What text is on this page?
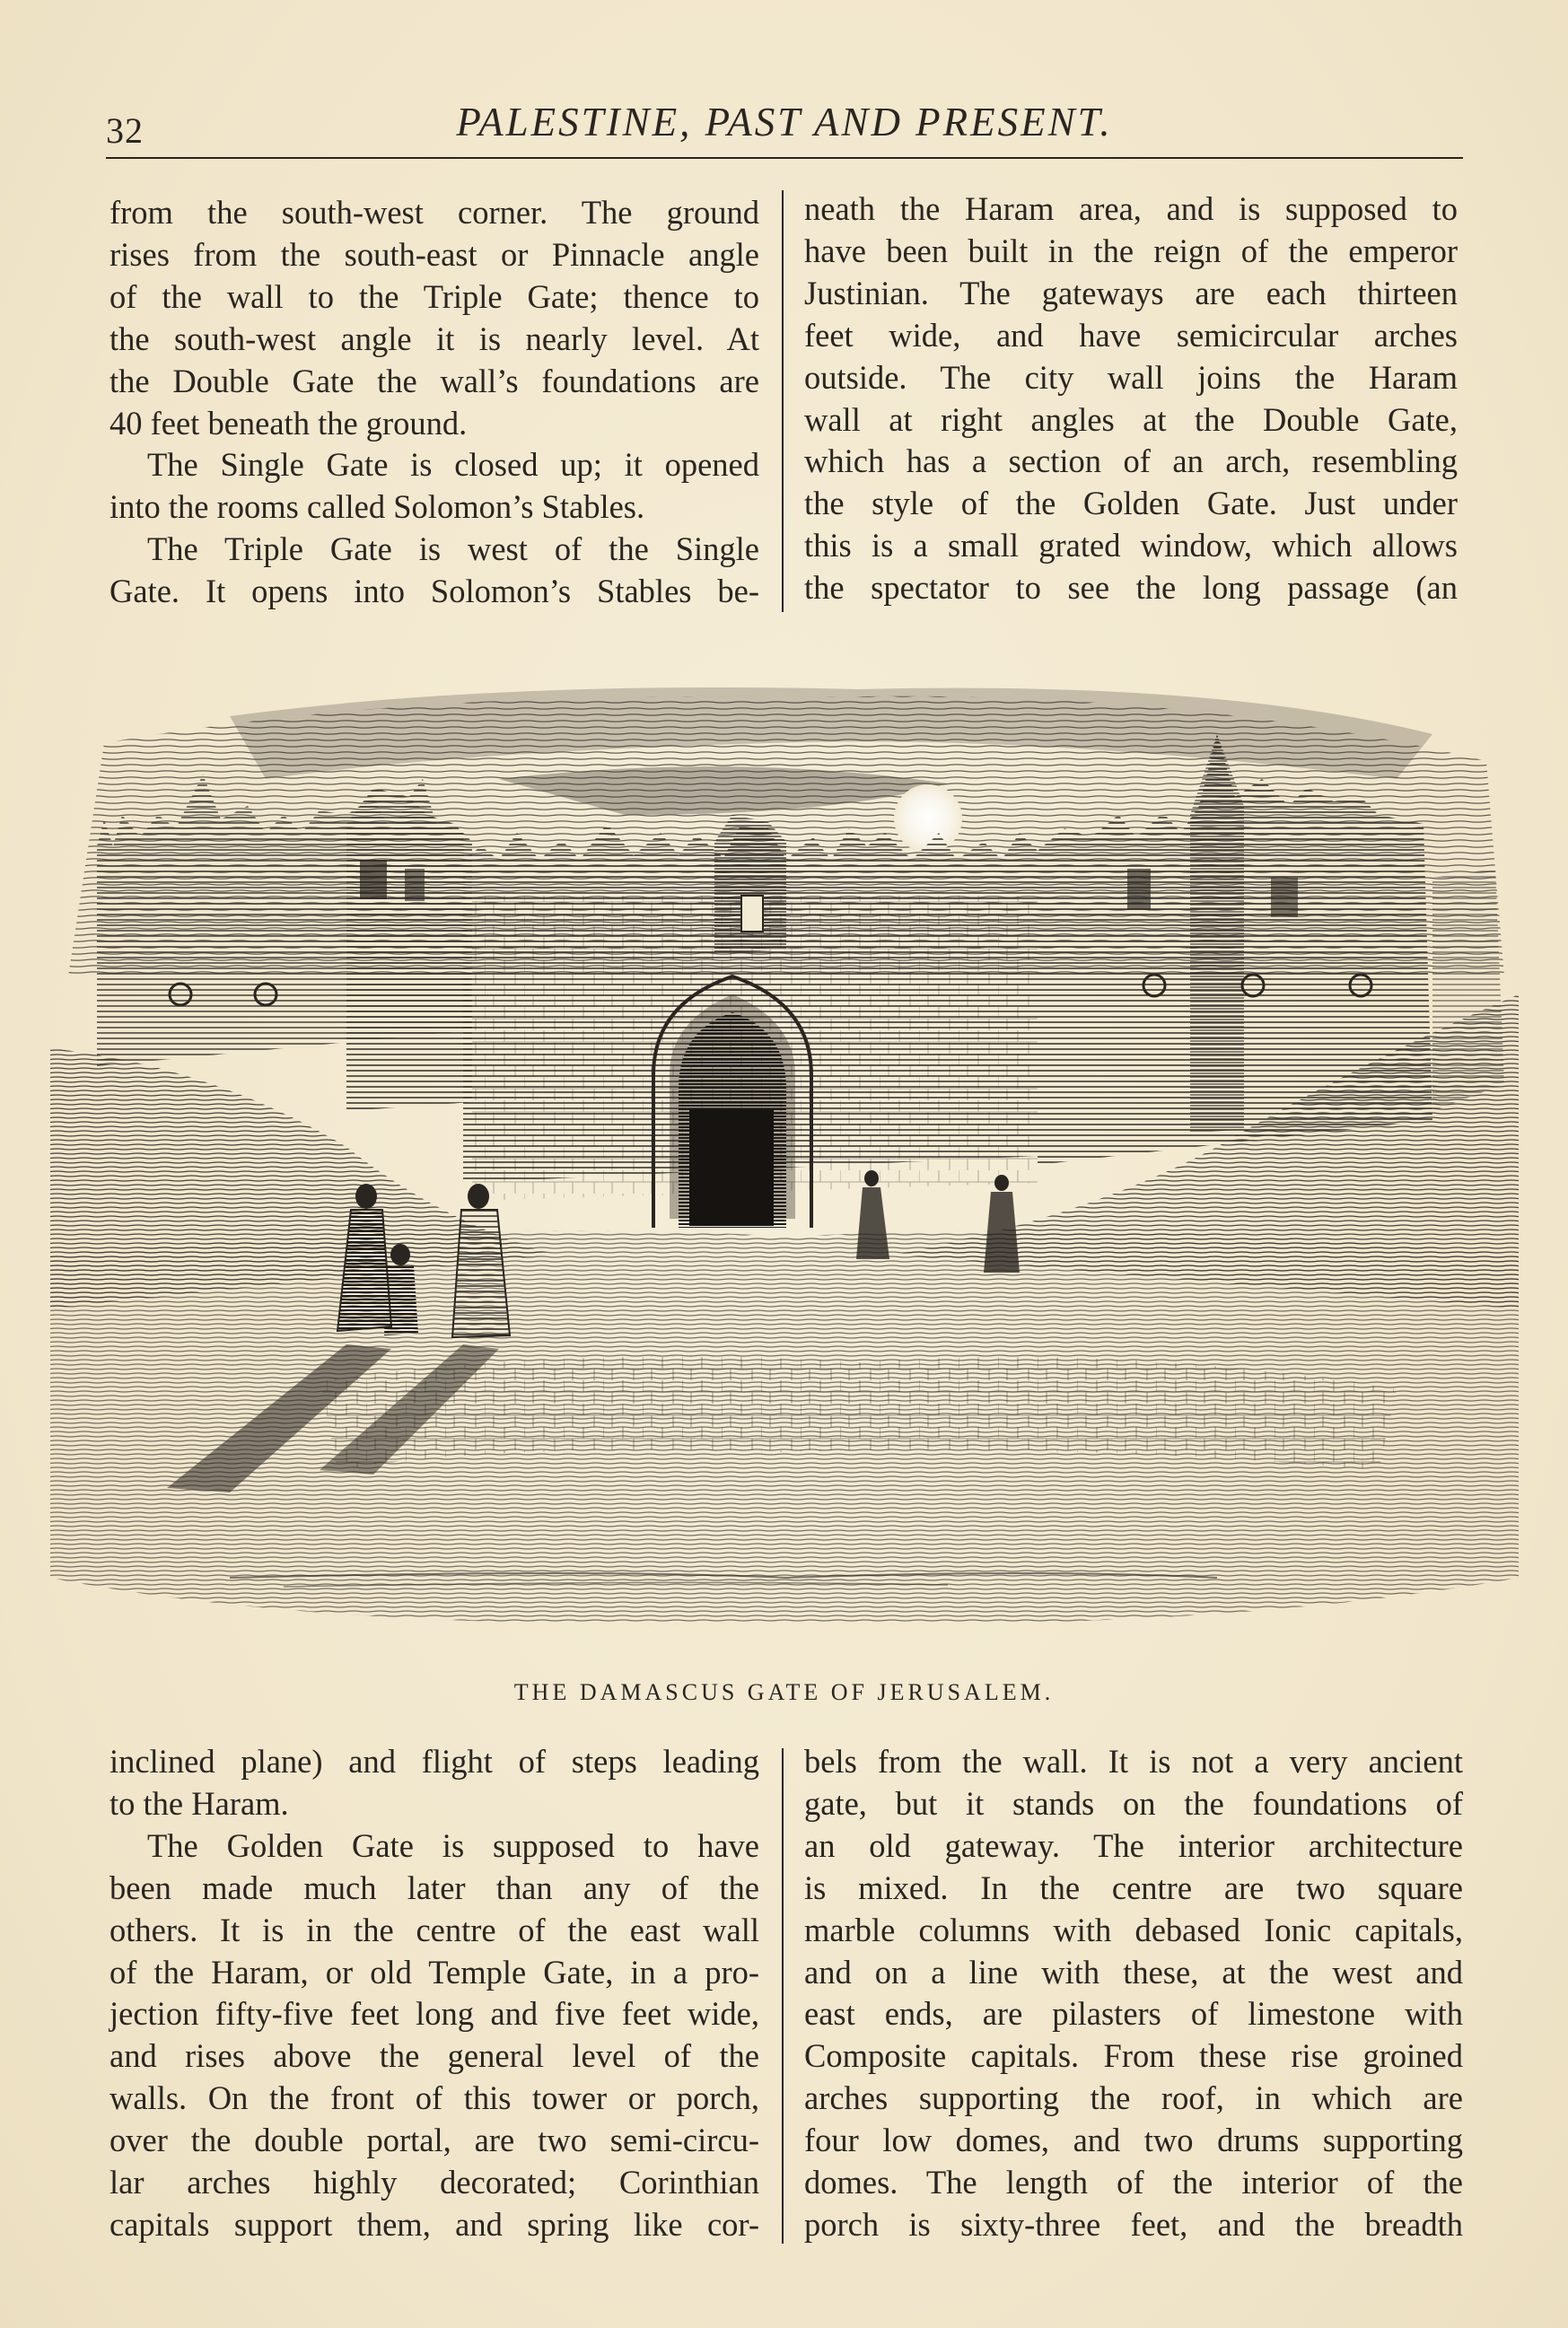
32	PALESTINE, PAST AND PRESENT.
from the south-west corner. The ground
rises from the south-east or Pinnacle angle
of the wall to the Triple Gate; thence to
the south-west angle it is nearly level. At
the Double Gate the wall’s foundations are
40 feet beneath the ground.
The Single Gate is closed up; it opened
into the rooms called Solomon’s Stables.
The Triple Gate is west of the Single
Gate. It opens into Solomon’s Stables be-
neath the Haram area, and is supposed to
have been built in the reign of the emperor
Justinian. The gateways are each thirteen
feet wide, and have semicircular arches
outside. The city wall joins the Haram
wall at right angles at the Double Gate,
which has a section of an arch, resembling
the style of the Golden Gate. Just under
this is a small grated window, which allows
the spectator to see the long passage (an
THE DAMASCUS GATE OF JERUSALEM.
inclined plane) and flight of steps leading
to the Haram.
The Golden Gate is supposed to have
been made much later than any of the
others. It is in the centre of the east wall
of the Haram, or old Temple Gate, in a pro-
jection fifty-five feet long and five feet wide,
and rises above the general level of the
walls. On the front of this tower or porch,
over the double portal, are two semi-circu-
lar arches highly decorated; Corinthian
capitals support them, and spring like cor-
bels from the wall. It is not a very ancient
gate, but it stands on the foundations of
an old gateway. The interior architecture
is mixed. In the centre are two square
marble columns with debased Ionic capitals,
and on a line with these, at the west and
east ends, are pilasters of limestone with
Composite capitals. From these rise groined
arches supporting the roof, in which are
four low domes, and two drums supporting
domes. The length of the interior of the
porch is sixty-three feet, and the breadth
